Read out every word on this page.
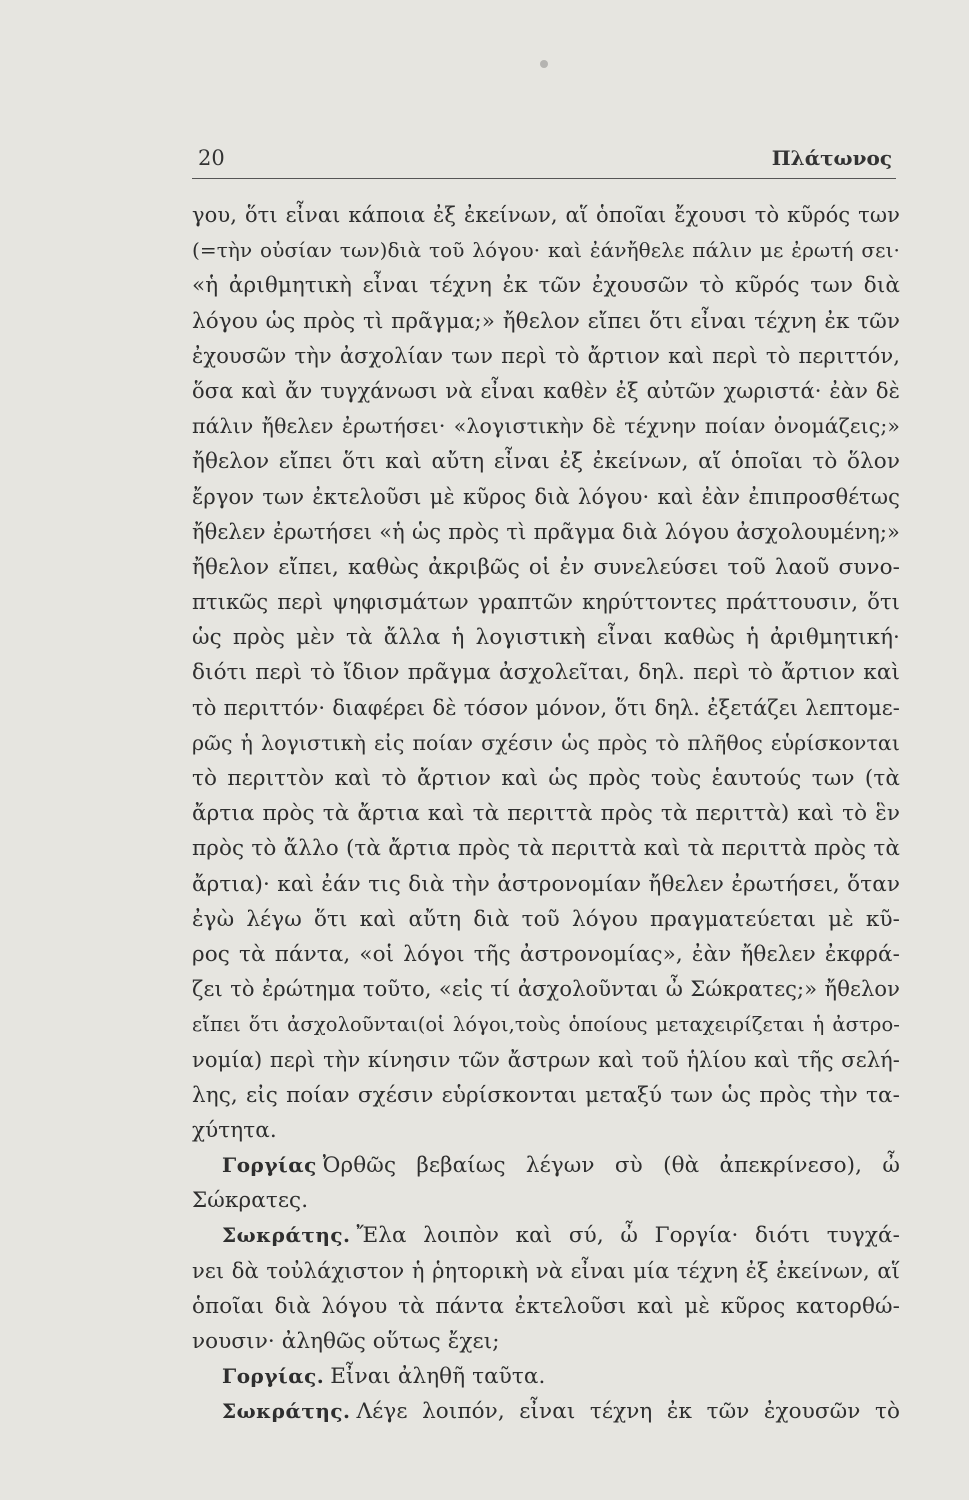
20	Πλάτωνος
γου, ὅτι εἶναι κάποια ἐξ ἐκείνων, αἵ ὁποῖαι ἔχουσι τὸ κῦρός των
(=τὴν οὐσίαν των)διὰ τοῦ λόγου· καὶ ἐάνἤθελε πάλιν με ἐρωτή σει·
«ἡ ἀριθμητικὴ εἶναι τέχνη ἐκ τῶν ἐχουσῶν τὸ κῦρός των διὰ
λόγου ὡς πρὸς τὶ πρᾶγμα;» ἤθελον εἴπει ὅτι εἶναι τέχνη ἐκ τῶν
ἐχουσῶν τὴν ἀσχολίαν των περὶ τὸ ἄρτιον καὶ περὶ τὸ περιττόν,
ὅσα καὶ ἄν τυγχάνωσι νὰ εἶναι καθὲν ἐξ αὐτῶν χωριστά· ἐὰν δὲ
πάλιν ἤθελεν ἐρωτήσει· «λογιστικὴν δὲ τέχνην ποίαν ὀνομάζεις;»
ἤθελον εἴπει ὅτι καὶ αὔτη εἶναι ἐξ ἐκείνων, αἵ ὁποῖαι τὸ ὅλον
ἔργον των ἐκτελοῦσι μὲ κῦρος διὰ λόγου· καὶ ἐὰν ἐπιπροσθέτως
ἤθελεν ἐρωτήσει «ἡ ὡς πρὸς τὶ πρᾶγμα διὰ λόγου ἀσχολουμένη;»
ἤθελον εἴπει, καθὼς ἀκριβῶς οἱ ἐν συνελεύσει τοῦ λαοῦ συνο-
πτικῶς περὶ ψηφισμάτων γραπτῶν κηρύττοντες πράττουσιν, ὅτι
ὡς πρὸς μὲν τὰ ἄλλα ἡ λογιστικὴ εἶναι καθὼς ἡ ἀριθμητική·
διότι περὶ τὸ ἴδιον πρᾶγμα ἀσχολεῖται, δηλ. περὶ τὸ ἄρτιον καὶ
τὸ περιττόν· διαφέρει δὲ τόσον μόνον, ὅτι δηλ. ἐξετάζει λεπτομε-
ρῶς ἡ λογιστικὴ εἰς ποίαν σχέσιν ὡς πρὸς τὸ πλῆθος εὑρίσκονται
τὸ περιττὸν καὶ τὸ ἄρτιον καὶ ὡς πρὸς τοὺς ἑαυτούς των (τὰ
ἄρτια πρὸς τὰ ἄρτια καὶ τὰ περιττὰ πρὸς τὰ περιττὰ) καὶ τὸ ἓν
πρὸς τὸ ἄλλο (τὰ ἄρτια πρὸς τὰ περιττὰ καὶ τὰ περιττὰ πρὸς τὰ
ἄρτια)· καὶ ἐάν τις διὰ τὴν ἀστρονομίαν ἤθελεν ἐρωτήσει, ὅταν
ἐγὼ λέγω ὅτι καὶ αὔτη διὰ τοῦ λόγου πραγματεύεται μὲ κῦ-
ρος τὰ πάντα, «οἱ λόγοι τῆς ἀστρονομίας», ἐὰν ἤθελεν ἐκφρά-
ζει τὸ ἐρώτημα τοῦτο, «εἰς τί ἀσχολοῦνται ὦ Σώκρατες;» ἤθελον
εἴπει ὅτι ἀσχολοῦνται(οἱ λόγοι,τοὺς ὁποίους μεταχειρίζεται ἡ ἀστρο-
νομία) περὶ τὴν κίνησιν τῶν ἄστρων καὶ τοῦ ἡλίου καὶ τῆς σελή-
λης, εἰς ποίαν σχέσιν εὑρίσκονται μεταξύ των ὡς πρὸς τὴν τα-
χύτητα.
Γοργίας Ὀρθῶς βεβαίως λέγων σὺ (θὰ ἀπεκρίνεσο), ὦ
Σώκρατες.
Σωκράτης. Ἔλα λοιπὸν καὶ σύ, ὦ Γοργία· διότι τυγχά-
νει δὰ τοὐλάχιστον ἡ ῥητορικὴ νὰ εἶναι μία τέχνη ἐξ ἐκείνων, αἵ
ὁποῖαι διὰ λόγου τὰ πάντα ἐκτελοῦσι καὶ μὲ κῦρος κατορθώ-
νουσιν· ἀληθῶς οὕτως ἔχει;
Γοργίας. Εἶναι ἀληθῆ ταῦτα.
Σωκράτης. Λέγε λοιπόν, εἶναι τέχνη ἐκ τῶν ἐχουσῶν τὸ
